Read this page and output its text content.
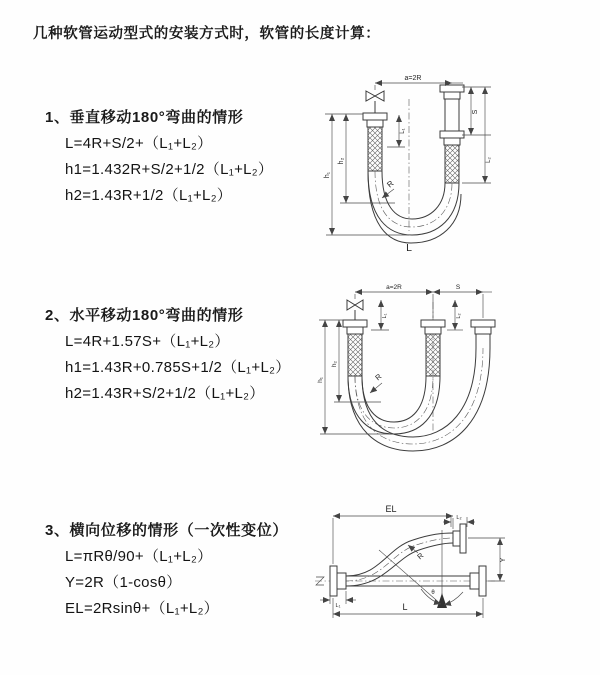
几种软管运动型式的安装方式时，软管的长度计算：
1、垂直移动180°弯曲的情形
L=4R+S/2+（L₁+L₂）
h1=1.432R+S/2+1/2（L₁+L₂）
h2=1.43R+1/2（L₁+L₂）
2、水平移动180°弯曲的情形
L=4R+1.57S+（L₁+L₂）
h1=1.43R+0.785S+1/2（L₁+L₂）
h2=1.43R+S/2+1/2（L₁+L₂）
3、横向位移的情形（一次性变位）
L=πRθ/90+（L₁+L₂）
Y=2R（1-cosθ）
EL=2Rsinθ+（L₁+L₂）
a=2R
h₁
h₂
L₁
S
L₂
R
L
a=2R	S
h₁
h₂
L₁	L₂
R
EL
L₂
Y
L
L₁
θ
R
